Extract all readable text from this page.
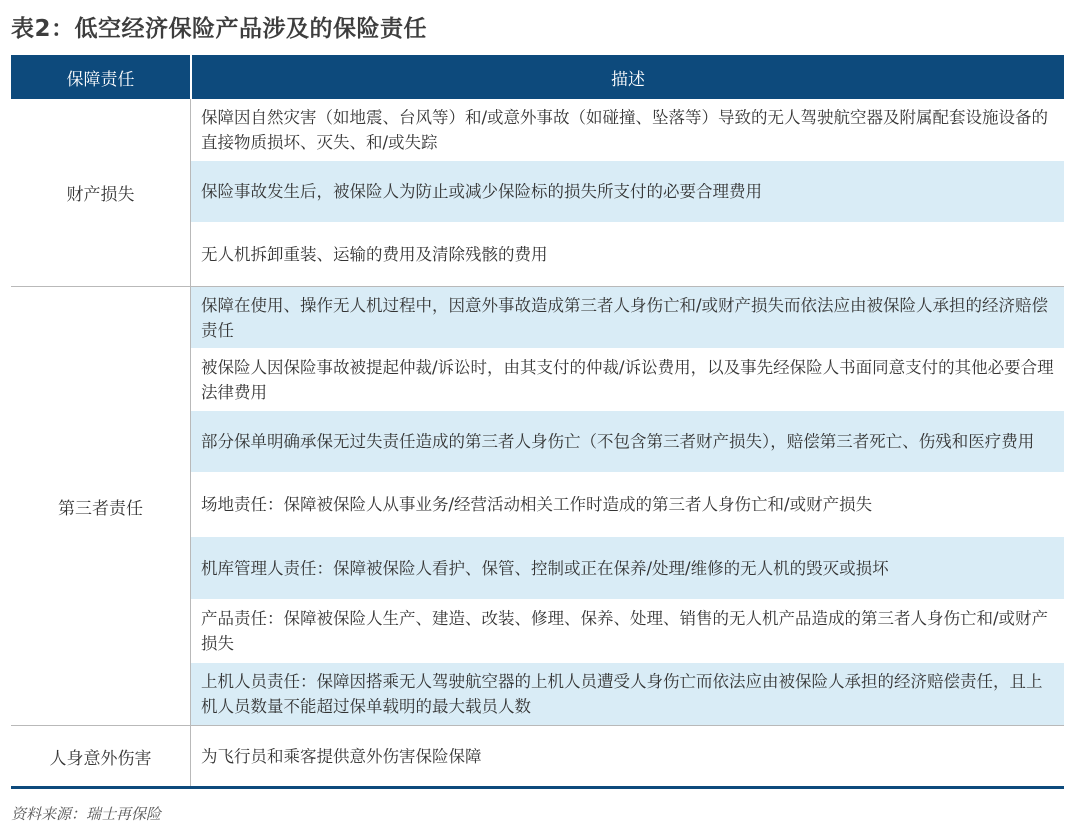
表2：低空经济保险产品涉及的保险责任
保障责任	描述
财产损失
保障因自然灾害（如地震、台风等）和/或意外事故（如碰撞、坠落等）导致的无人驾驶航空器及附属配套设施设备的直接物质损坏、灭失、和/或失踪
保险事故发生后，被保险人为防止或减少保险标的损失所支付的必要合理费用
无人机拆卸重装、运输的费用及清除残骸的费用
第三者责任
保障在使用、操作无人机过程中，因意外事故造成第三者人身伤亡和/或财产损失而依法应由被保险人承担的经济赔偿责任
被保险人因保险事故被提起仲裁/诉讼时，由其支付的仲裁/诉讼费用，以及事先经保险人书面同意支付的其他必要合理法律费用
部分保单明确承保无过失责任造成的第三者人身伤亡（不包含第三者财产损失），赔偿第三者死亡、伤残和医疗费用
场地责任：保障被保险人从事业务/经营活动相关工作时造成的第三者人身伤亡和/或财产损失
机库管理人责任：保障被保险人看护、保管、控制或正在保养/处理/维修的无人机的毁灭或损坏
产品责任：保障被保险人生产、建造、改装、修理、保养、处理、销售的无人机产品造成的第三者人身伤亡和/或财产损失
上机人员责任：保障因搭乘无人驾驶航空器的上机人员遭受人身伤亡而依法应由被保险人承担的经济赔偿责任，且上机人员数量不能超过保单载明的最大载员人数
人身意外伤害	为飞行员和乘客提供意外伤害保险保障
资料来源：瑞士再保险
